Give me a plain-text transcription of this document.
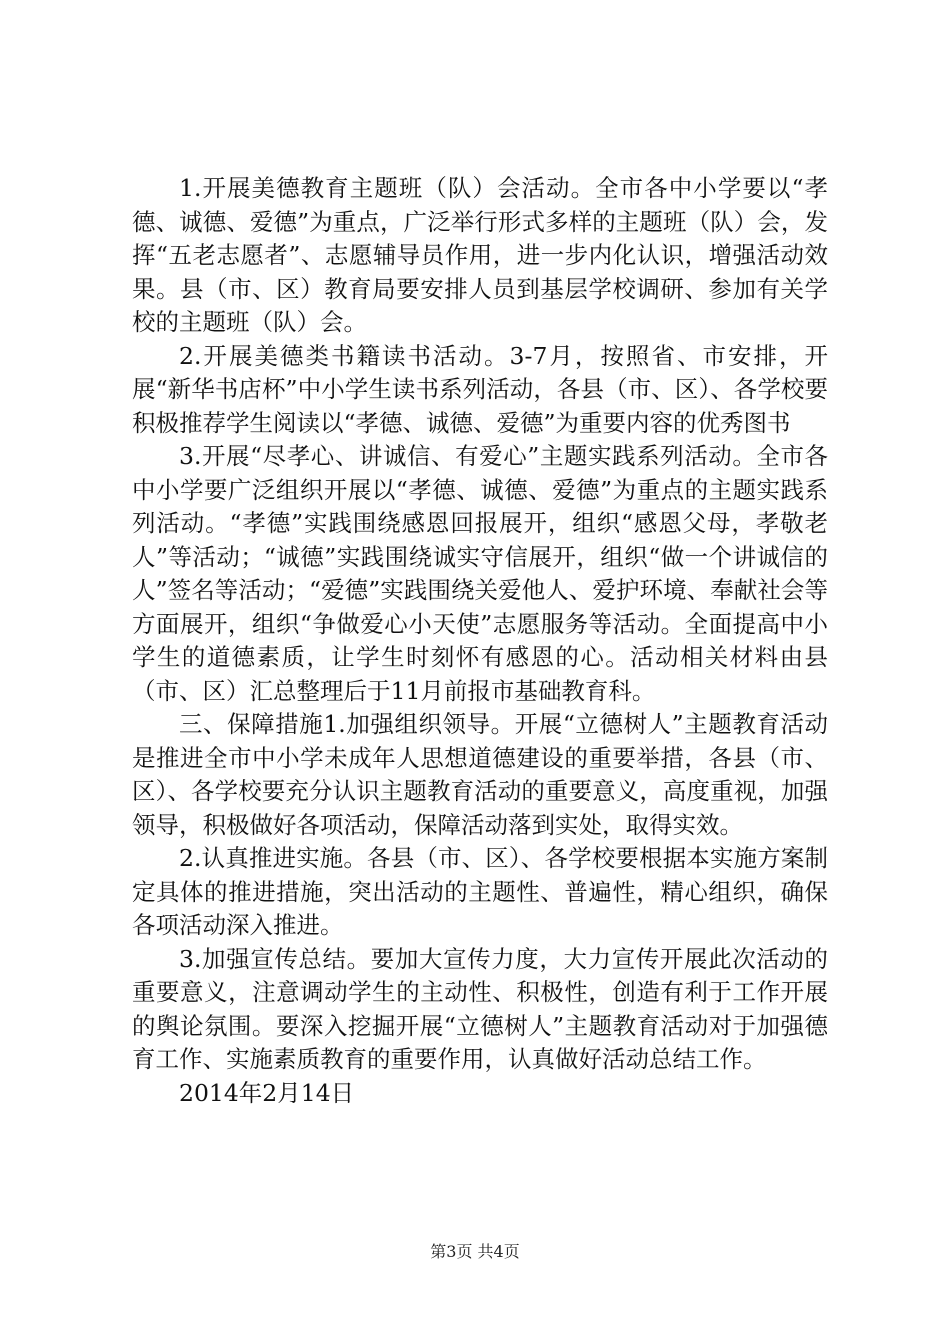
1.开展美德教育主题班（队）会活动。全市各中小学要以“孝德、诚德、爱德”为重点，广泛举行形式多样的主题班（队）会，发挥“五老志愿者”、志愿辅导员作用，进一步内化认识，增强活动效果。县（市、区）教育局要安排人员到基层学校调研、参加有关学校的主题班（队）会。

2.开展美德类书籍读书活动。3-7月，按照省、市安排，开展“新华书店杯”中小学生读书系列活动，各县（市、区）、各学校要积极推荐学生阅读以“孝德、诚德、爱德”为重要内容的优秀图书

3.开展“尽孝心、讲诚信、有爱心”主题实践系列活动。全市各中小学要广泛组织开展以“孝德、诚德、爱德”为重点的主题实践系列活动。“孝德”实践围绕感恩回报展开，组织“感恩父母，孝敬老人”等活动；“诚德”实践围绕诚实守信展开，组织“做一个讲诚信的人”签名等活动；“爱德”实践围绕关爱他人、爱护环境、奉献社会等方面展开，组织“争做爱心小天使”志愿服务等活动。全面提高中小学生的道德素质，让学生时刻怀有感恩的心。活动相关材料由县（市、区）汇总整理后于11月前报市基础教育科。

三、保障措施1.加强组织领导。开展“立德树人”主题教育活动是推进全市中小学未成年人思想道德建设的重要举措，各县（市、区）、各学校要充分认识主题教育活动的重要意义，高度重视，加强领导，积极做好各项活动，保障活动落到实处，取得实效。

2.认真推进实施。各县（市、区）、各学校要根据本实施方案制定具体的推进措施，突出活动的主题性、普遍性，精心组织，确保各项活动深入推进。

3.加强宣传总结。要加大宣传力度，大力宣传开展此次活动的重要意义，注意调动学生的主动性、积极性，创造有利于工作开展的舆论氛围。要深入挖掘开展“立德树人”主题教育活动对于加强德育工作、实施素质教育的重要作用，认真做好活动总结工作。

2014年2月14日

第3页 共4页
